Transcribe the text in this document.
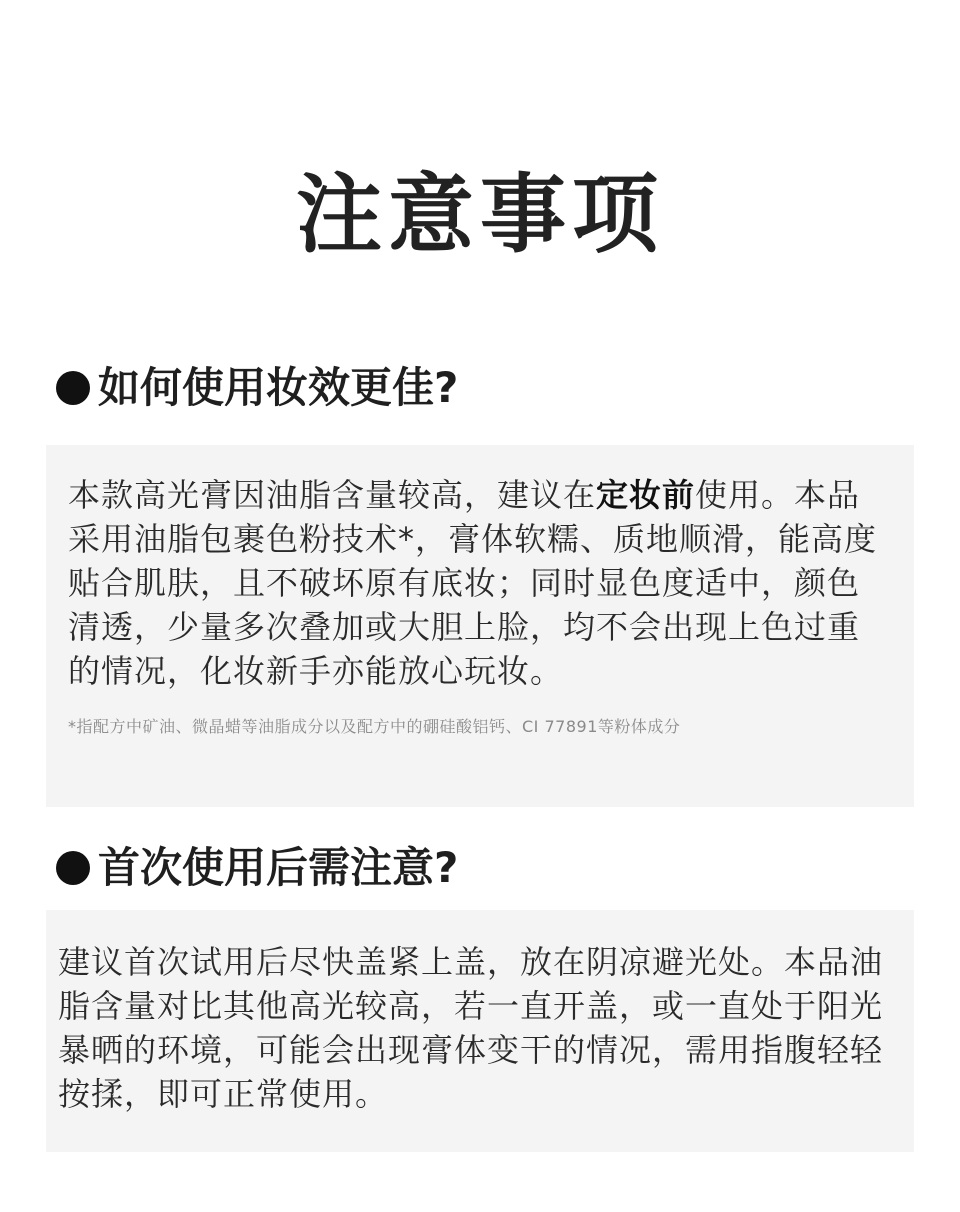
注意事项
如何使用妆效更佳?

本款高光膏因油脂含量较高，建议在定妆前使用。本品采用油脂包裹色粉技术*，膏体软糯、质地顺滑，能高度贴合肌肤，且不破坏原有底妆；同时显色度适中，颜色清透，少量多次叠加或大胆上脸，均不会出现上色过重的情况，化妆新手亦能放心玩妆。

*指配方中矿油、微晶蜡等油脂成分以及配方中的硼硅酸铝钙、CI 77891等粉体成分

首次使用后需注意?

建议首次试用后尽快盖紧上盖，放在阴凉避光处。本品油脂含量对比其他高光较高，若一直开盖，或一直处于阳光暴晒的环境，可能会出现膏体变干的情况，需用指腹轻轻按揉，即可正常使用。
